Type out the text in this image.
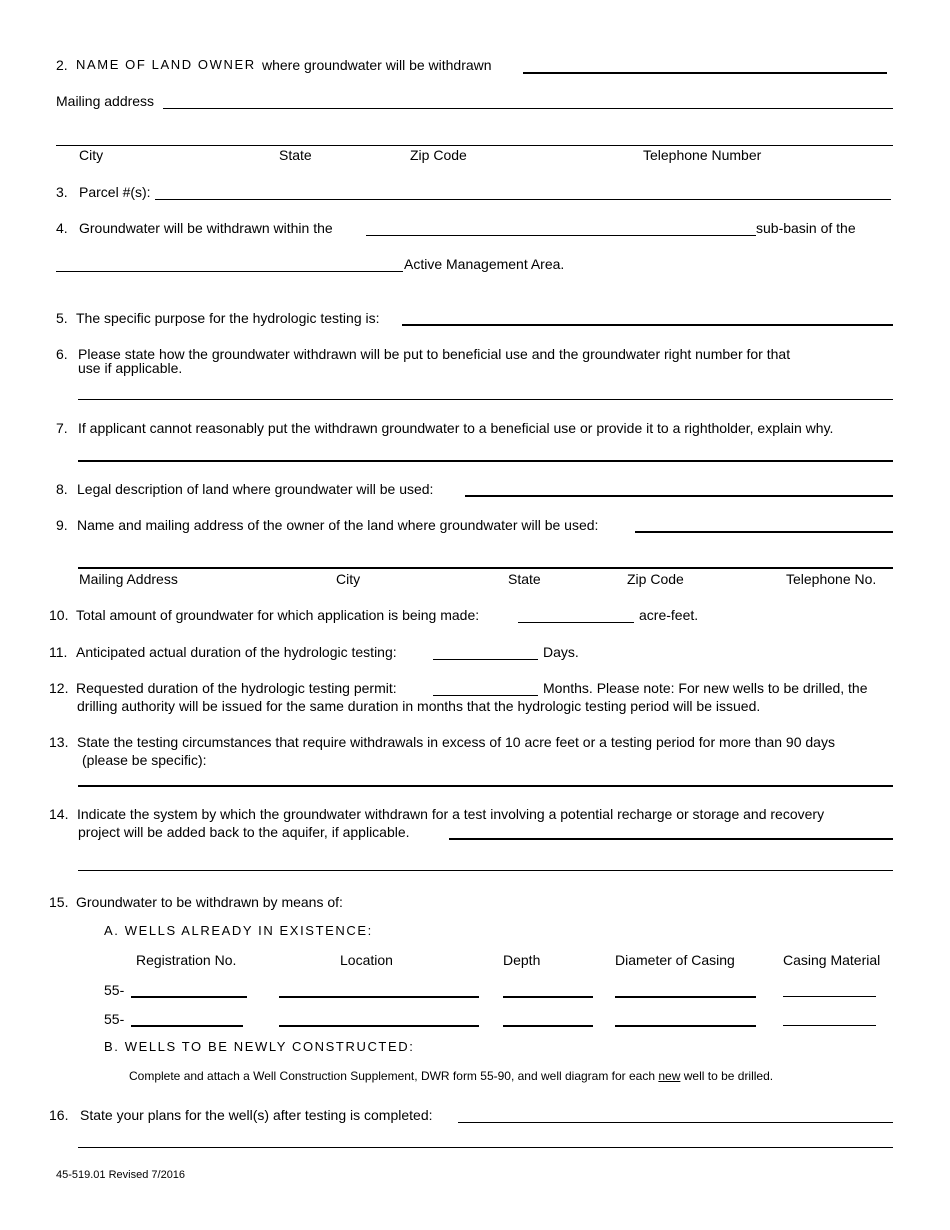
2. NAME OF LAND OWNER where groundwater will be withdrawn
Mailing address
City	State	Zip Code	Telephone Number
3. Parcel #(s):
4. Groundwater will be withdrawn within the	sub-basin of the
Active Management Area.
5. The specific purpose for the hydrologic testing is:
6. Please state how the groundwater withdrawn will be put to beneficial use and the groundwater right number for that
use if applicable.
7. If applicant cannot reasonably put the withdrawn groundwater to a beneficial use or provide it to a rightholder, explain why.
8. Legal description of land where groundwater will be used:
9. Name and mailing address of the owner of the land where groundwater will be used:
Mailing Address	City	State	Zip Code	Telephone No.
10. Total amount of groundwater for which application is being made:	acre-feet.
11. Anticipated actual duration of the hydrologic testing:	Days.
12. Requested duration of the hydrologic testing permit:	Months. Please note: For new wells to be drilled, the
drilling authority will be issued for the same duration in months that the hydrologic testing period will be issued.
13. State the testing circumstances that require withdrawals in excess of 10 acre feet or a testing period for more than 90 days
(please be specific):
14. Indicate the system by which the groundwater withdrawn for a test involving a potential recharge or storage and recovery
project will be added back to the aquifer, if applicable.
15. Groundwater to be withdrawn by means of:
A. WELLS ALREADY IN EXISTENCE:
Registration No.	Location	Depth	Diameter of Casing	Casing Material
55-
55-
B. WELLS TO BE NEWLY CONSTRUCTED:
Complete and attach a Well Construction Supplement, DWR form 55-90, and well diagram for each new well to be drilled.
16. State your plans for the well(s) after testing is completed:
45-519.01 Revised 7/2016
